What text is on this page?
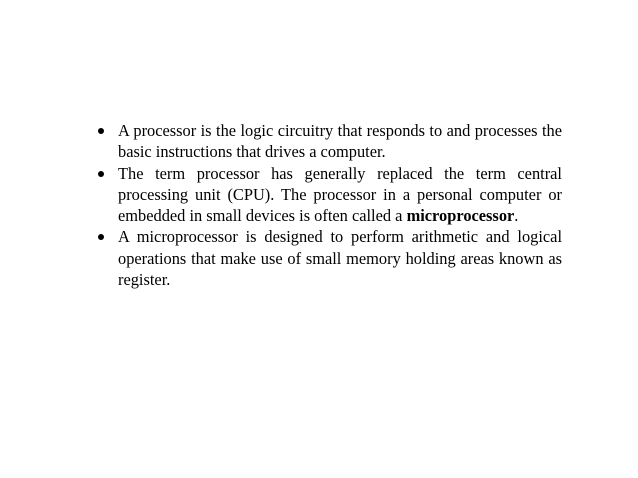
A processor is the logic circuitry that responds to and processes the basic instructions that drives a computer.
The term processor has generally replaced the term central processing unit (CPU). The processor in a personal computer or embedded in small devices is often called a microprocessor.
A microprocessor is designed to perform arithmetic and logical operations that make use of small memory holding areas known as register.
